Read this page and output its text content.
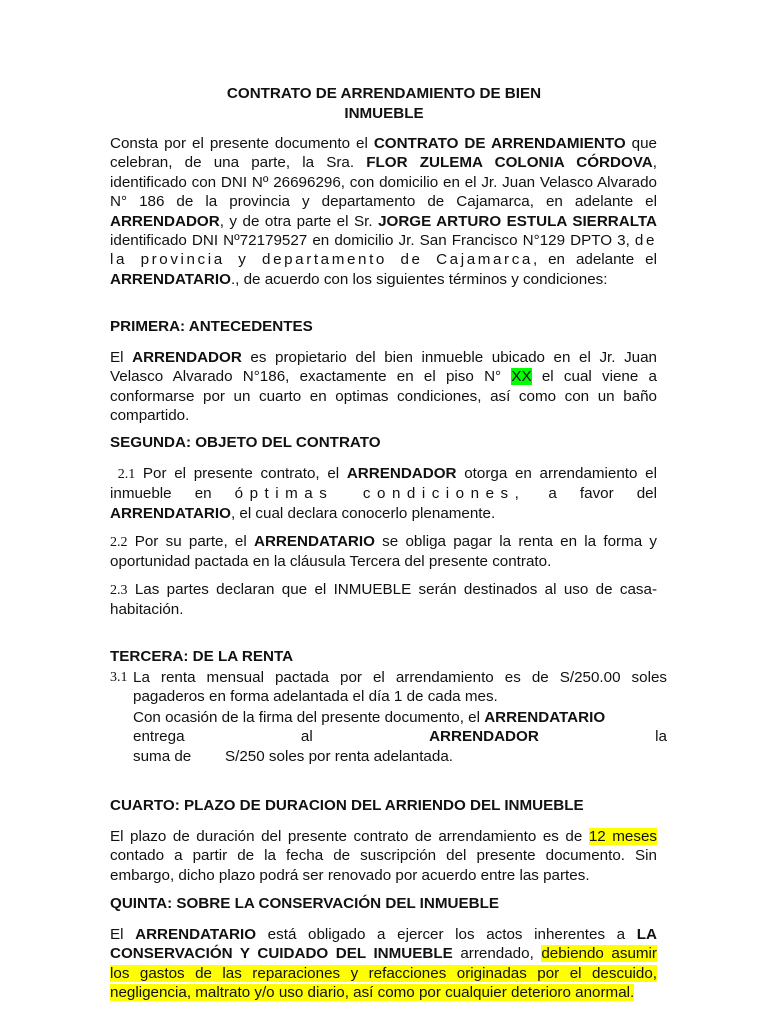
CONTRATO DE ARRENDAMIENTO DE BIEN
INMUEBLE
Consta por el presente documento el CONTRATO DE ARRENDAMIENTO que celebran, de una parte, la Sra. FLOR ZULEMA COLONIA CÓRDOVA, identificado con DNI Nº 26696296, con domicilio en el Jr. Juan Velasco Alvarado N° 186 de la provincia y departamento de Cajamarca, en adelante el ARRENDADOR, y de otra parte el Sr. JORGE ARTURO ESTULA SIERRALTA identificado DNI Nº72179527 en domicilio Jr. San Francisco N°129 DPTO 3, de la provincia y departamento de Cajamarca, en adelante el ARRENDATARIO., de acuerdo con los siguientes términos y condiciones:
PRIMERA: ANTECEDENTES
El ARRENDADOR es propietario del bien inmueble ubicado en el Jr. Juan Velasco Alvarado N°186, exactamente en el piso N° XX el cual viene a conformarse por un cuarto en optimas condiciones, así como con un baño compartido.
SEGUNDA: OBJETO DEL CONTRATO
2.1 Por el presente contrato, el ARRENDADOR otorga en arrendamiento el inmueble en óptimas condiciones, a favor del ARRENDATARIO, el cual declara conocerlo plenamente.
2.2 Por su parte, el ARRENDATARIO se obliga pagar la renta en la forma y oportunidad pactada en la cláusula Tercera del presente contrato.
2.3 Las partes declaran que el INMUEBLE serán destinados al uso de casa-habitación.
TERCERA: DE LA RENTA
3.1 La renta mensual pactada por el arrendamiento es de S/250.00 soles pagaderos en forma adelantada el día 1 de cada mes.
Con ocasión de la firma del presente documento, el ARRENDATARIO
entrega	al	ARRENDADOR	la
suma de        S/250 soles por renta adelantada.
CUARTO: PLAZO DE DURACION DEL ARRIENDO DEL INMUEBLE
El plazo de duración del presente contrato de arrendamiento es de 12 meses contado a partir de la fecha de suscripción del presente documento. Sin embargo, dicho plazo podrá ser renovado por acuerdo entre las partes.
QUINTA: SOBRE LA CONSERVACIÓN DEL INMUEBLE
El ARRENDATARIO está obligado a ejercer los actos inherentes a LA CONSERVACIÓN Y CUIDADO DEL INMUEBLE arrendado, debiendo asumir los gastos de las reparaciones y refacciones originadas por el descuido, negligencia, maltrato y/o uso diario, así como por cualquier deterioro anormal.
